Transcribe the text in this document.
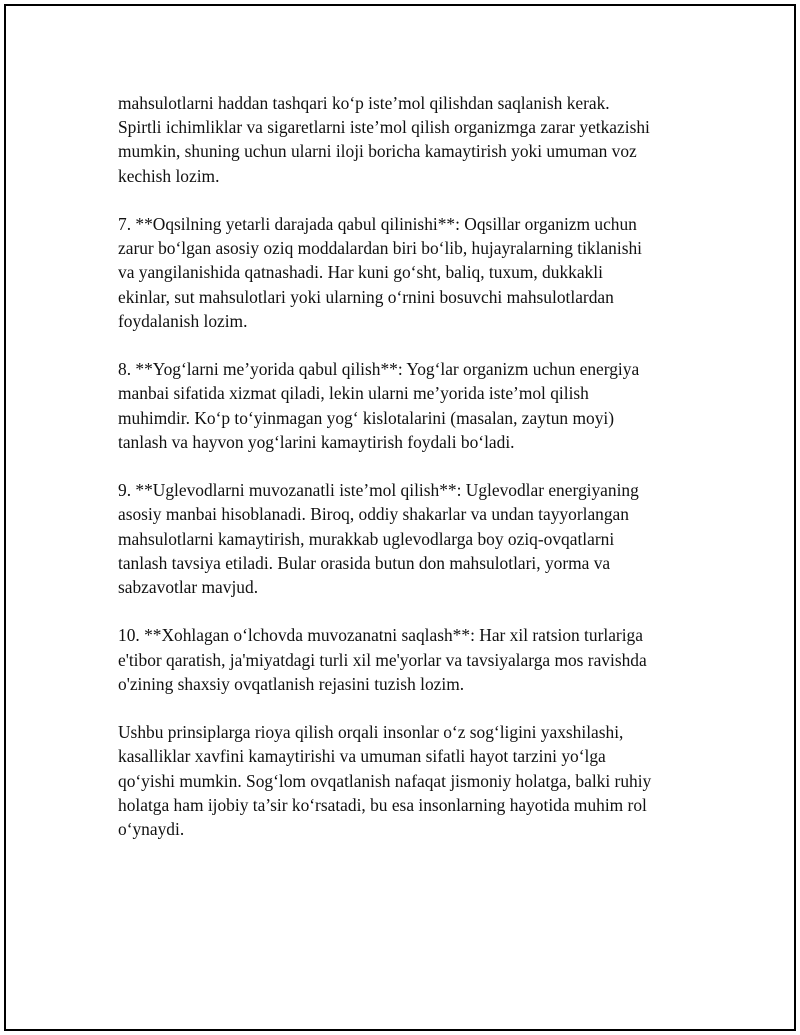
mahsulotlarni haddan tashqari ko‘p iste’mol qilishdan saqlanish kerak.
Spirtli ichimliklar va sigaretlarni iste’mol qilish organizmga zarar yetkazishi
mumkin, shuning uchun ularni iloji boricha kamaytirish yoki umuman voz
kechish lozim.

7. **Oqsilning yetarli darajada qabul qilinishi**: Oqsillar organizm uchun
zarur bo‘lgan asosiy oziq moddalardan biri bo‘lib, hujayralarning tiklanishi
va yangilanishida qatnashadi. Har kuni go‘sht, baliq, tuxum, dukkakli
ekinlar, sut mahsulotlari yoki ularning o‘rnini bosuvchi mahsulotlardan
foydalanish lozim.

8. **Yog‘larni me’yorida qabul qilish**: Yog‘lar organizm uchun energiya
manbai sifatida xizmat qiladi, lekin ularni me’yorida iste’mol qilish
muhimdir. Ko‘p to‘yinmagan yog‘ kislotalarini (masalan, zaytun moyi)
tanlash va hayvon yog‘larini kamaytirish foydali bo‘ladi.

9. **Uglevodlarni muvozanatli iste’mol qilish**: Uglevodlar energiyaning
asosiy manbai hisoblanadi. Biroq, oddiy shakarlar va undan tayyorlangan
mahsulotlarni kamaytirish, murakkab uglevodlarga boy oziq-ovqatlarni
tanlash tavsiya etiladi. Bular orasida butun don mahsulotlari, yorma va
sabzavotlar mavjud.

10. **Xohlagan o‘lchovda muvozanatni saqlash**: Har xil ratsion turlariga
e'tibor qaratish, ja'miyatdagi turli xil me'yorlar va tavsiyalarga mos ravishda
o'zining shaxsiy ovqatlanish rejasini tuzish lozim.

Ushbu prinsiplarga rioya qilish orqali insonlar o‘z sog‘ligini yaxshilashi,
kasalliklar xavfini kamaytirishi va umuman sifatli hayot tarzini yo‘lga
qo‘yishi mumkin. Sog‘lom ovqatlanish nafaqat jismoniy holatga, balki ruhiy
holatga ham ijobiy ta’sir ko‘rsatadi, bu esa insonlarning hayotida muhim rol
o‘ynaydi.
